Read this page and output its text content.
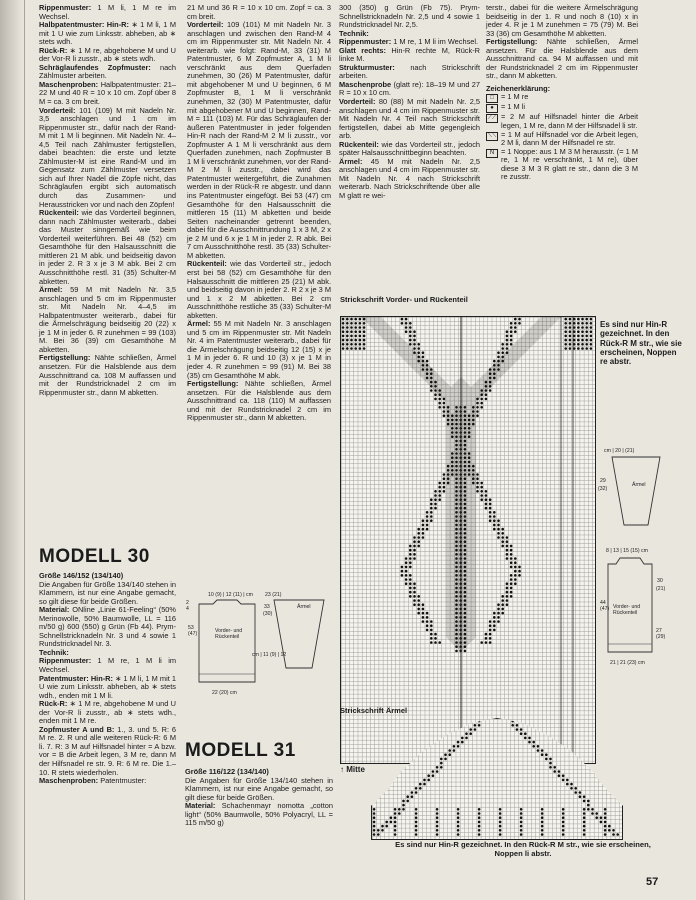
Rippenmuster: 1 M li, 1 M re im Wechsel.

Halbpatentmuster: Hin-R: ∗ 1 M li, 1 M mit 1 U wie zum Linksstr. abheben, ab ∗ stets wdh.

Rück-R: ∗ 1 M re, abgehobene M und U der Vor-R li zusstr., ab ∗ stets wdh.

Schräglaufendes Zopfmuster: nach Zählmuster arbeiten.

Maschenproben: Halbpatentmuster: 21–22 M und 40 R = 10 x 10 cm. Zopf über 8 M = ca. 3 cm breit.

Vorderteil: 101 (109) M mit Nadeln Nr. 3,5 anschlagen und 1 cm im Rippenmuster str., dafür nach der Rand-M mit 1 M li beginnen. Mit Nadeln Nr. 4–4,5 Teil nach Zählmuster fertigstellen, dabei beachten: die erste und letzte Zählmuster-M ist eine Rand-M und im Gegensatz zum Zählmuster versetzen sich auf Ihrer Nadel die Zöpfe nicht, das Schräglaufen ergibt sich automatisch durch das Zusammen- und Herausstricken vor und nach den Zöpfen!

Rückenteil: wie das Vorderteil beginnen, dann nach Zählmuster weiterarb., dabei das Muster sinngemäß wie beim Vorderteil weiterführen. Bei 48 (52) cm Gesamthöhe für den Halsausschnitt die mittleren 21 M abk. und beidseitig davon in jeder 2. R 3 x je 3 M abk. Bei 2 cm Ausschnitthöhe restl. 31 (35) Schulter-M abketten.

Ärmel: 59 M mit Nadeln Nr. 3,5 anschlagen und 5 cm im Rippenmuster str. Mit Nadeln Nr. 4–4,5 im Halbpatentmuster weiterarb., dabei für die Ärmelschrägung beidseitig 20 (22) x je 1 M in jeder 6. R zunehmen = 99 (103) M. Bei 36 (39) cm Gesamthöhe M abketten.

Fertigstellung: Nähte schließen, Ärmel ansetzen. Für die Halsblende aus dem Ausschnittrand ca. 108 M auffassen und mit der Rundstricknadel 2 cm im Rippenmuster str., dann M abketten.

21 M und 36 R = 10 x 10 cm. Zopf = ca. 3 cm breit.

Vorderteil: 109 (101) M mit Nadeln Nr. 3 anschlagen und zwischen den Rand-M 4 cm im Rippenmuster str. Mit Nadeln Nr. 4 weiterarb. wie folgt: Rand-M, 33 (31) M Patentmuster, 6 M Zopfmuster A, 1 M li verschränkt aus dem Querfaden zunehmen, 30 (26) M Patentmuster, dafür mit abgehobener M und U beginnen, 6 M Zopfmuster B, 1 M li verschränkt zunehmen, 32 (30) M Patentmuster, dafür mit abgehobener M und U beginnen, Rand-M = 111 (103) M. Für das Schräglaufen der äußeren Patentmuster in jeder folgenden Hin-R nach der Rand-M 2 M li zusstr., vor Zopfmuster A 1 M li verschränkt aus dem Querfaden zunehmen, nach Zopfmuster B 1 M li verschränkt zunehmen, vor der Rand-M 2 M li zusstr., dabei wird das Patentmuster weitergeführt, die Zunahmen werden in der Rück-R re abgestr. und dann ins Patentmuster eingefügt. Bei 53 (47) cm Gesamthöhe für den Halsausschnitt die mittleren 15 (11) M abketten und beide Seiten nacheinander getrennt beenden, dabei für die Ausschnittrundung 1 x 3 M, 2 x je 2 M und 6 x je 1 M in jeder 2. R abk. Bei 7 cm Ausschnitthöhe restl. 35 (33) Schulter-M abketten.

Rückenteil: wie das Vorderteil str., jedoch erst bei 58 (52) cm Gesamthöhe für den Halsausschnitt die mittleren 25 (21) M abk. und beidseitig davon in jeder 2. R 2 x je 3 M und 1 x 2 M abketten. Bei 2 cm Ausschnitthöhe restliche 35 (33) Schulter-M abketten.

Ärmel: 55 M mit Nadeln Nr. 3 anschlagen und 5 cm im Rippenmuster str. Mit Nadeln Nr. 4 im Patentmuster weiterarb., dabei für die Ärmelschrägung beidseitig 12 (15) x je 1 M in jeder 6. R und 10 (3) x je 1 M in jeder 4. R zunehmen = 99 (91) M. Bei 38 (35) cm Gesamthöhe M abk.

Fertigstellung: Nähte schließen, Ärmel ansetzen. Für die Halsblende aus dem Ausschnittrand ca. 118 (110) M auffassen und mit der Rundstricknadel 2 cm im Rippenmuster str., dann M abketten.

300 (350) g Grün (Fb 75). Prym-Schnellstricknadeln Nr. 2,5 und 4 sowie 1 Rundstricknadel Nr. 2,5.

Technik:

Rippenmuster: 1 M re, 1 M li im Wechsel.

Glatt rechts: Hin-R rechte M, Rück-R linke M.

Strukturmuster: nach Strickschrift arbeiten.

Maschenprobe (glatt re): 18–19 M und 27 R = 10 x 10 cm.

Vorderteil: 80 (88) M mit Nadeln Nr. 2,5 anschlagen und 4 cm im Rippenmuster str. Mit Nadeln Nr. 4 Teil nach Strickschrift fertigstellen, dabei ab Mitte gegengleich arb.

Rückenteil: wie das Vorderteil str., jedoch später Halsausschnittbeginn beachten.

Ärmel: 45 M mit Nadeln Nr. 2,5 anschlagen und 4 cm im Rippenmuster str. Mit Nadeln Nr. 4 nach Strickschrift weiterarb. Nach Strickschriftende über alle M glatt re wei-

terstr., dabei für die weitere Ärmelschrägung beidseitig in der 1. R und noch 8 (10) x in jeder 4. R je 1 M zunehmen = 75 (79) M. Bei 33 (36) cm Gesamthöhe M abketten.

Fertigstellung: Nähte schließen, Ärmel ansetzen. Für die Halsblende aus dem Ausschnittrand ca. 94 M auffassen und mit der Rundstricknadel 2 cm im Rippenmuster str., dann M abketten.

Zeichenerklärung:

□ = 1 M re
● = 1 M li
⟋⟋ = 2 M auf Hilfsnadel hinter die Arbeit legen, 1 M re, dann M der Hilfsnadel li str.
⟍⟍ = 1 M auf Hilfsnadel vor die Arbeit legen, 2 M li, dann M der Hilfsnadel re str.
N = 1 Noppe: aus 1 M 3 M herausstr. (= 1 M re, 1 M re verschränkt, 1 M re), über diese 3 M 3 R glatt re str., dann die 3 M re zusstr.
MODELL 30

Größe 146/152 (134/140)

Die Angaben für Größe 134/140 stehen in Klammern, ist nur eine Angabe gemacht, so gilt diese für beide Größen.

Material: ONline „Linie 61-Feeling“ (50% Merinowolle, 50% Baumwolle, LL = 116 m/50 g) 600 (550) g Grün (Fb 44). Prym-Schnellstricknadeln Nr. 3 und 4 sowie 1 Rundstricknadel Nr. 3.

Technik:

Rippenmuster: 1 M re, 1 M li im Wechsel.

Patentmuster: Hin-R: ∗ 1 M li, 1 M mit 1 U wie zum Linksstr. abheben, ab ∗ stets wdh., enden mit 1 M li.

Rück-R: ∗ 1 M re, abgehobene M und U der Vor-R li zusstr., ab ∗ stets wdh., enden mit 1 M re.

Zopfmuster A und B: 1., 3. und 5. R: 6 M re. 2. R und alle weiteren Rück-R: 6 M li. 7. R: 3 M auf Hilfsnadel hinter = A bzw. vor = B die Arbeit legen, 3 M re, dann M der Hilfsnadel re str. 9. R: 6 M re. Die 1.–10. R stets wiederholen.

Maschenproben: Patentmuster:

MODELL 31

Größe 116/122 (134/140)

Die Angaben für Größe 134/140 stehen in Klammern, ist nur eine Angabe gemacht, so gilt diese für beide Größen.

Material: Schachenmayr nomotta „cotton light“ (50% Baumwolle, 50% Polyacryl, LL = 115 m/50 g)

Strickschrift Vorder- und Rückenteil
Es sind nur Hin-R gezeichnet. In den Rück-R M str., wie sie erscheinen, Noppen re abstr.
↑ Mitte
Strickschrift Ärmel
Es sind nur Hin-R gezeichnet. In den Rück-R M str., wie sie erscheinen, Noppen li abstr.
10 (9) | 12 (11) | cm
2
4
53 (47)	Vorder- und Rückenteil
22 (20) cm
23 (21)
33
(30)
Ärmel
cm | 11 (9) | 12
cm | 20 | (21)
29
(32)
Ärmel
8 | 13 | 15 (15) cm
44 (47) Vorder- und Rückenteil
30
(21)
27 (29)
21 | 21 (23) cm
57
